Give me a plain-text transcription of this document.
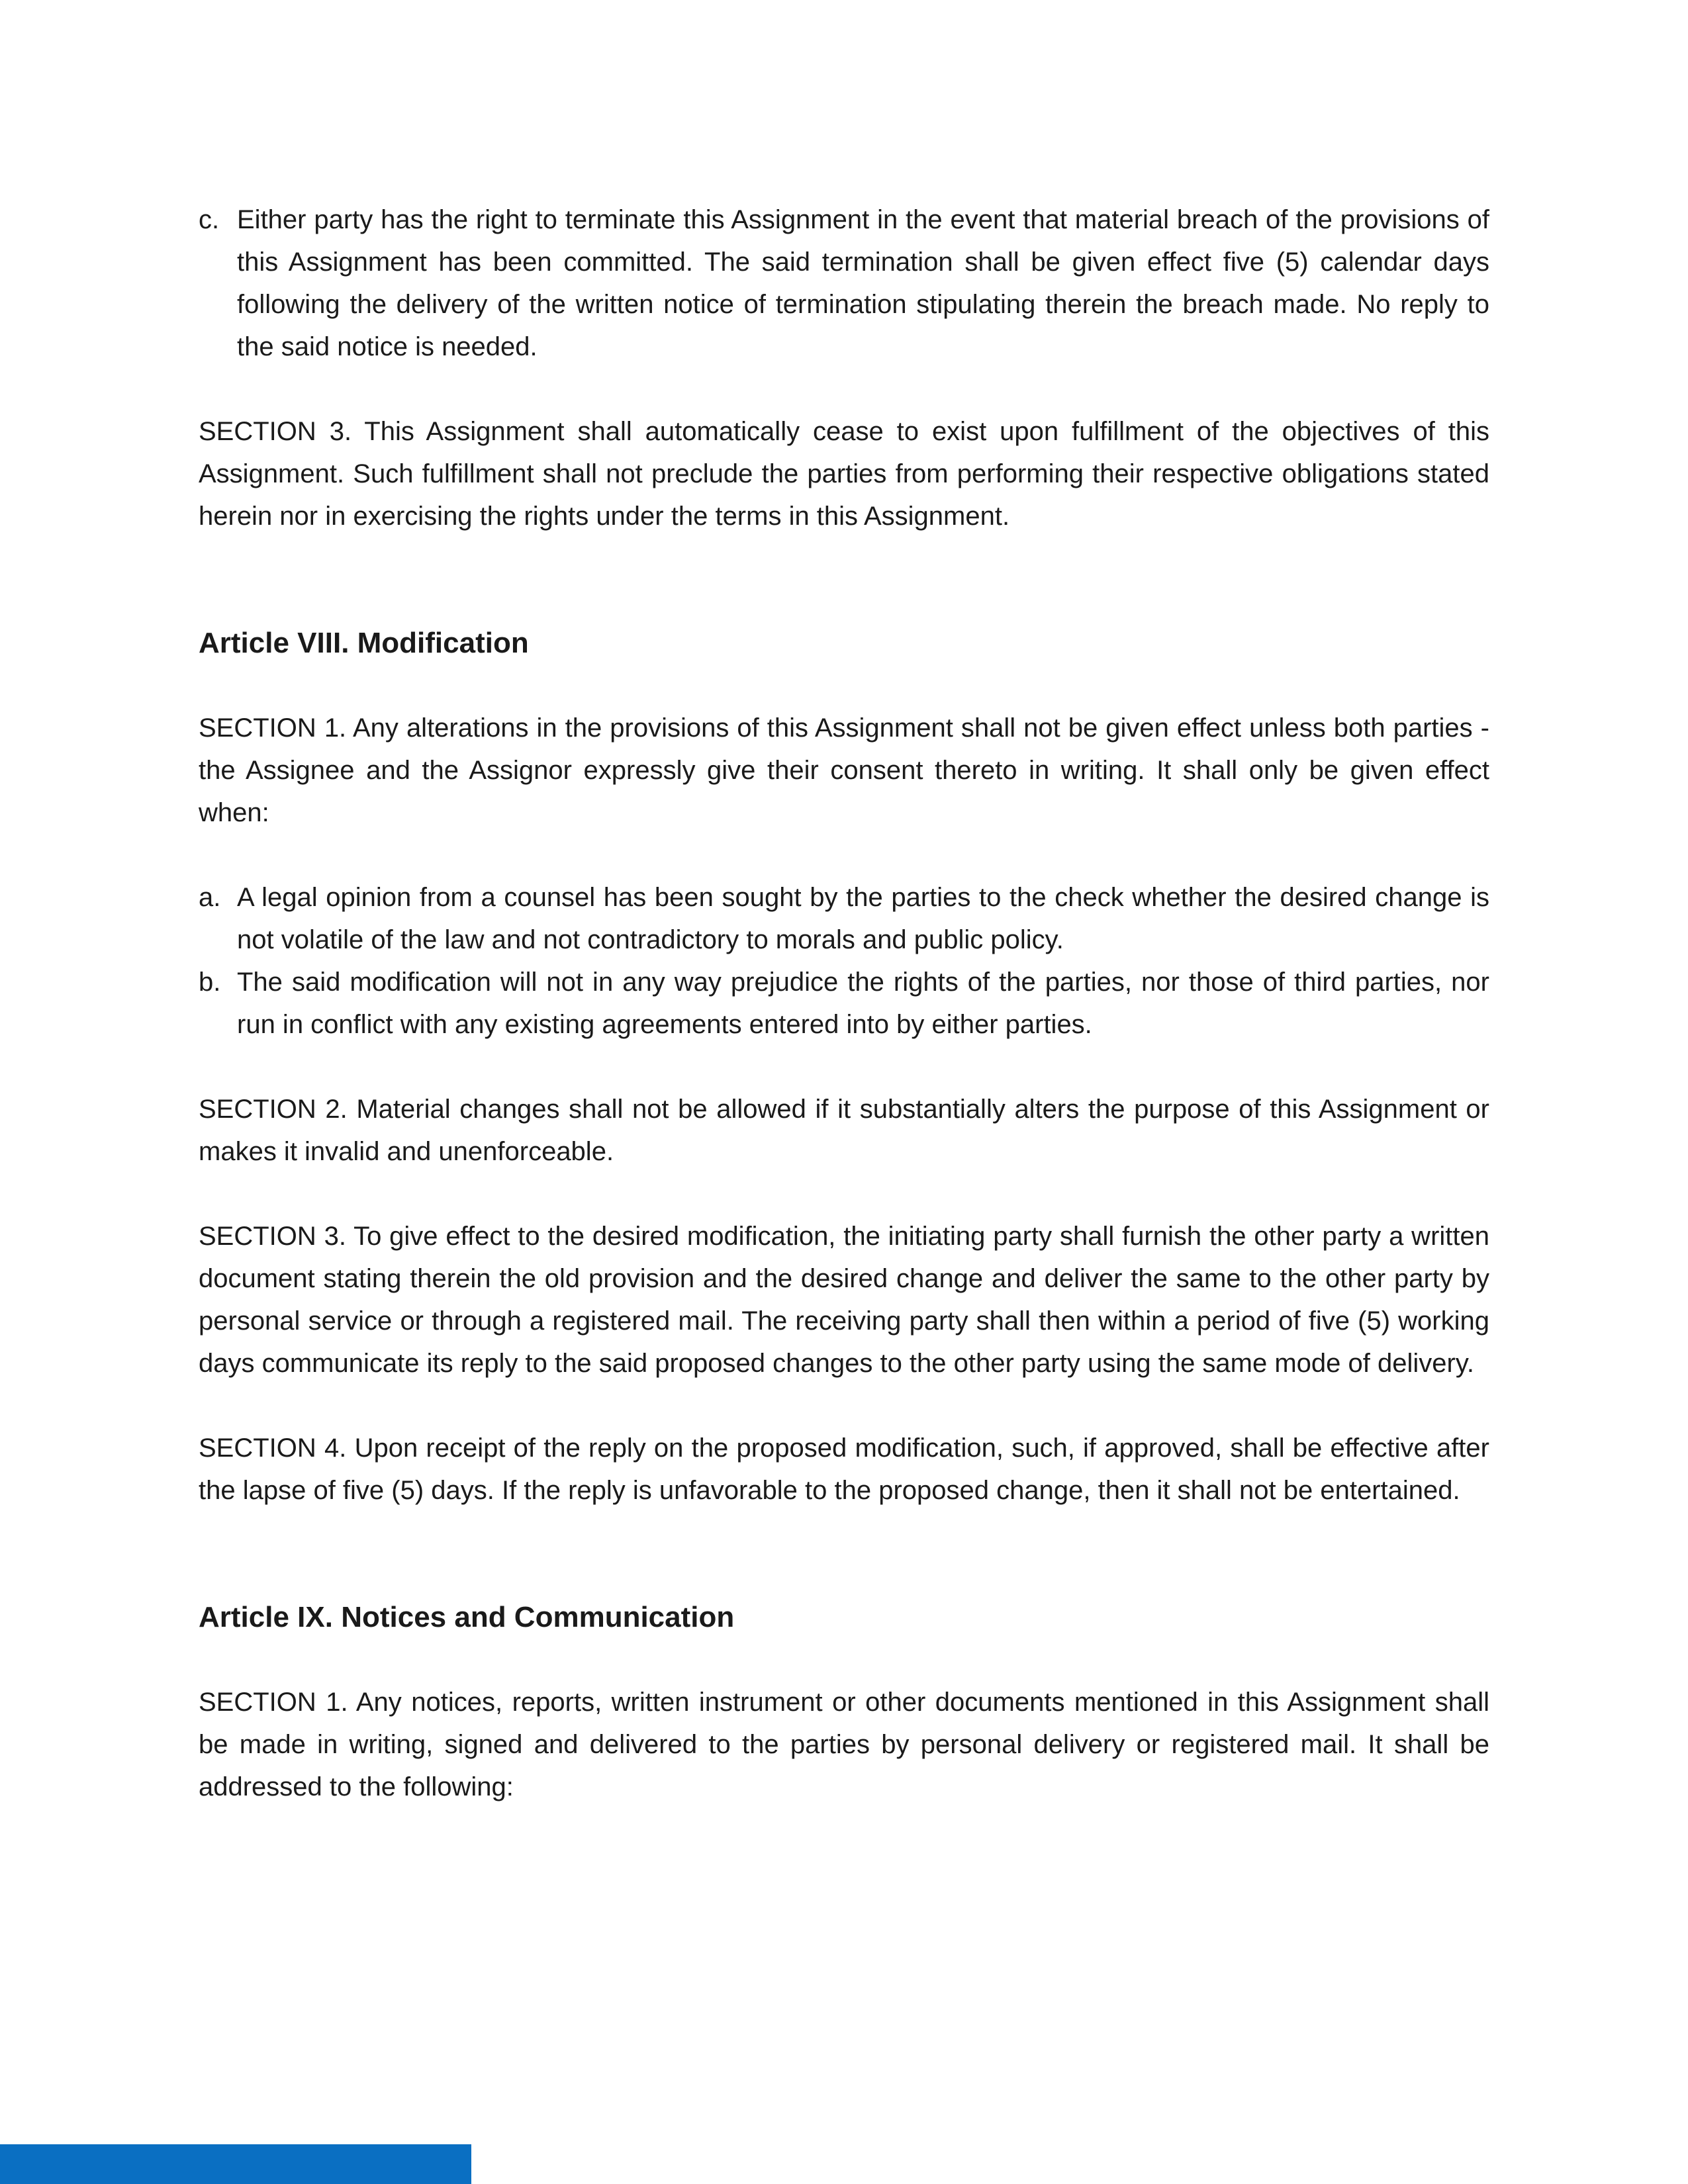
c. Either party has the right to terminate this Assignment in the event that material breach of the provisions of this Assignment has been committed. The said termination shall be given effect five (5) calendar days following the delivery of the written notice of termination stipulating therein the breach made. No reply to the said notice is needed.

SECTION 3. This Assignment shall automatically cease to exist upon fulfillment of the objectives of this Assignment. Such fulfillment shall not preclude the parties from performing their respective obligations stated herein nor in exercising the rights under the terms in this Assignment.

Article VIII. Modification

SECTION 1. Any alterations in the provisions of this Assignment shall not be given effect unless both parties - the Assignee and the Assignor expressly give their consent thereto in writing. It shall only be given effect when:

a. A legal opinion from a counsel has been sought by the parties to the check whether the desired change is not volatile of the law and not contradictory to morals and public policy.
b. The said modification will not in any way prejudice the rights of the parties, nor those of third parties, nor run in conflict with any existing agreements entered into by either parties.

SECTION 2. Material changes shall not be allowed if it substantially alters the purpose of this Assignment or makes it invalid and unenforceable.

SECTION 3. To give effect to the desired modification, the initiating party shall furnish the other party a written document stating therein the old provision and the desired change and deliver the same to the other party by personal service or through a registered mail. The receiving party shall then within a period of five (5) working days communicate its reply to the said proposed changes to the other party using the same mode of delivery.

SECTION 4. Upon receipt of the reply on the proposed modification, such, if approved, shall be effective after the lapse of five (5) days. If the reply is unfavorable to the proposed change, then it shall not be entertained.

Article IX. Notices and Communication

SECTION 1. Any notices, reports, written instrument or other documents mentioned in this Assignment shall be made in writing, signed and delivered to the parties by personal delivery or registered mail. It shall be addressed to the following:
